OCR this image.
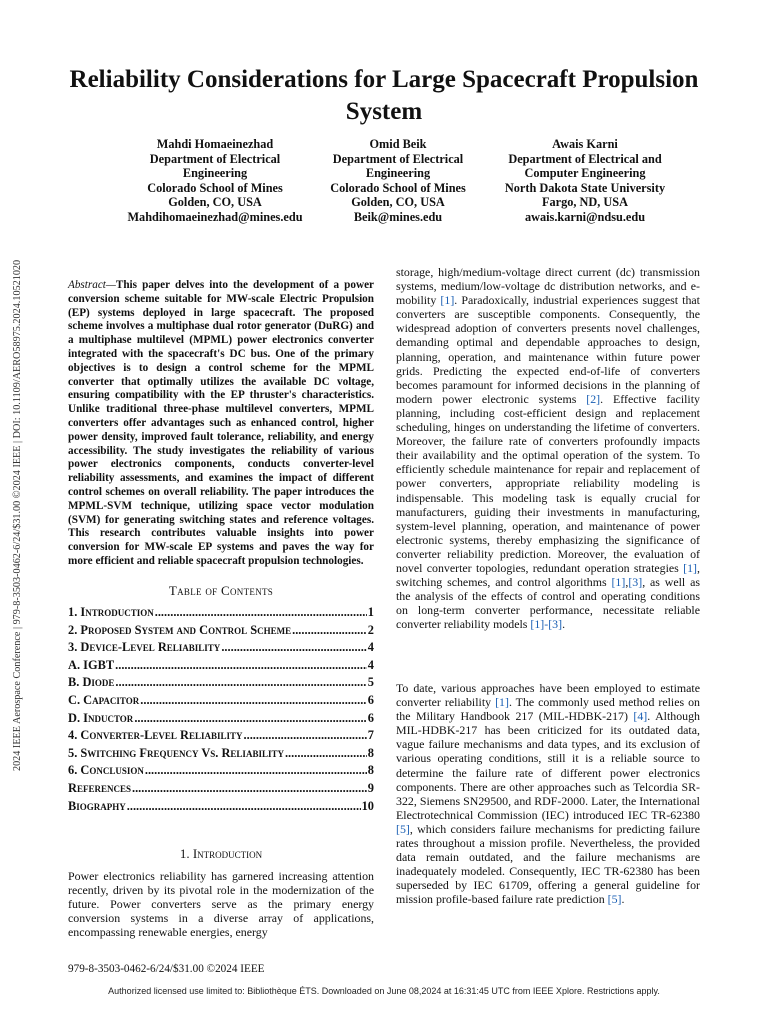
Reliability Considerations for Large Spacecraft Propulsion System
Mahdi Homaeinezhad
Department of Electrical
Engineering
Colorado School of Mines
Golden, CO, USA
Mahdihomaeinezhad@mines.edu
Omid Beik
Department of Electrical
Engineering
Colorado School of Mines
Golden, CO, USA
Beik@mines.edu
Awais Karni
Department of Electrical and
Computer Engineering
North Dakota State University
Fargo, ND, USA
awais.karni@ndsu.edu
2024 IEEE Aerospace Conference | 979-8-3503-0462-6/24/$31.00 ©2024 IEEE | DOI: 10.1109/AERO58975.2024.10521020	Abstract—This paper delves into the development of a power conversion scheme suitable for MW-scale Electric Propulsion (EP) systems deployed in large spacecraft. The proposed scheme involves a multiphase dual rotor generator (DuRG) and a multiphase multilevel (MPML) power electronics converter integrated with the spacecraft's DC bus. One of the primary objectives is to design a control scheme for the MPML converter that optimally utilizes the available DC voltage, ensuring compatibility with the EP thruster's characteristics. Unlike traditional three-phase multilevel converters, MPML converters offer advantages such as enhanced control, higher power density, improved fault tolerance, reliability, and energy accessibility. The study investigates the reliability of various power electronics components, conducts converter-level reliability assessments, and examines the impact of different control schemes on overall reliability. The paper introduces the MPML-SVM technique, utilizing space vector modulation (SVM) for generating switching states and reference voltages. This research contributes valuable insights into power conversion for MW-scale EP systems and paves the way for more efficient and reliable spacecraft propulsion technologies.
Table of Contents
1. Introduction .....	1
2. Proposed System and Control Scheme .....	2
3. Device-Level Reliability .....	4
A. IGBT .....	4
B. Diode .....	5
C. Capacitor .....	6
D. Inductor .....	6
4. Converter-Level Reliability .....	7
5. Switching Frequency Vs. Reliability .....	8
6. Conclusion .....	8
References .....	9
Biography .....	10
1. Introduction
Power electronics reliability has garnered increasing attention recently, driven by its pivotal role in the modernization of the future. Power converters serve as the primary energy conversion systems in a diverse array of applications, encompassing renewable energies, energy
storage, high/medium-voltage direct current (dc) transmission systems, medium/low-voltage dc distribution networks, and e-mobility [1]. Paradoxically, industrial experiences suggest that converters are susceptible components. Consequently, the widespread adoption of converters presents novel challenges, demanding optimal and dependable approaches to design, planning, operation, and maintenance within future power grids. Predicting the expected end-of-life of converters becomes paramount for informed decisions in the planning of modern power electronic systems [2]. Effective facility planning, including cost-efficient design and replacement scheduling, hinges on understanding the lifetime of converters. Moreover, the failure rate of converters profoundly impacts their availability and the optimal operation of the system. To efficiently schedule maintenance for repair and replacement of power converters, appropriate reliability modeling is indispensable. This modeling task is equally crucial for manufacturers, guiding their investments in manufacturing, system-level planning, operation, and maintenance of power electronic systems, thereby emphasizing the significance of converter reliability prediction. Moreover, the evaluation of novel converter topologies, redundant operation strategies [1], switching schemes, and control algorithms [1],[3], as well as the analysis of the effects of control and operating conditions on long-term converter performance, necessitate reliable converter reliability models [1]-[3].
To date, various approaches have been employed to estimate converter reliability [1]. The commonly used method relies on the Military Handbook 217 (MIL-HDBK-217) [4]. Although MIL-HDBK-217 has been criticized for its outdated data, vague failure mechanisms and data types, and its exclusion of various operating conditions, still it is a reliable source to determine the failure rate of different power electronics components. There are other approaches such as Telcordia SR-322, Siemens SN29500, and RDF-2000. Later, the International Electrotechnical Commission (IEC) introduced IEC TR-62380 [5], which considers failure mechanisms for predicting failure rates throughout a mission profile. Nevertheless, the provided data remain outdated, and the failure mechanisms are inadequately modeled. Consequently, IEC TR-62380 has been superseded by IEC 61709, offering a general guideline for mission profile-based failure rate prediction [5].
979-8-3503-0462-6/24/$31.00 ©2024 IEEE
Authorized licensed use limited to: Bibliothèque ÉTS. Downloaded on June 08,2024 at 16:31:45 UTC from IEEE Xplore. Restrictions apply.
